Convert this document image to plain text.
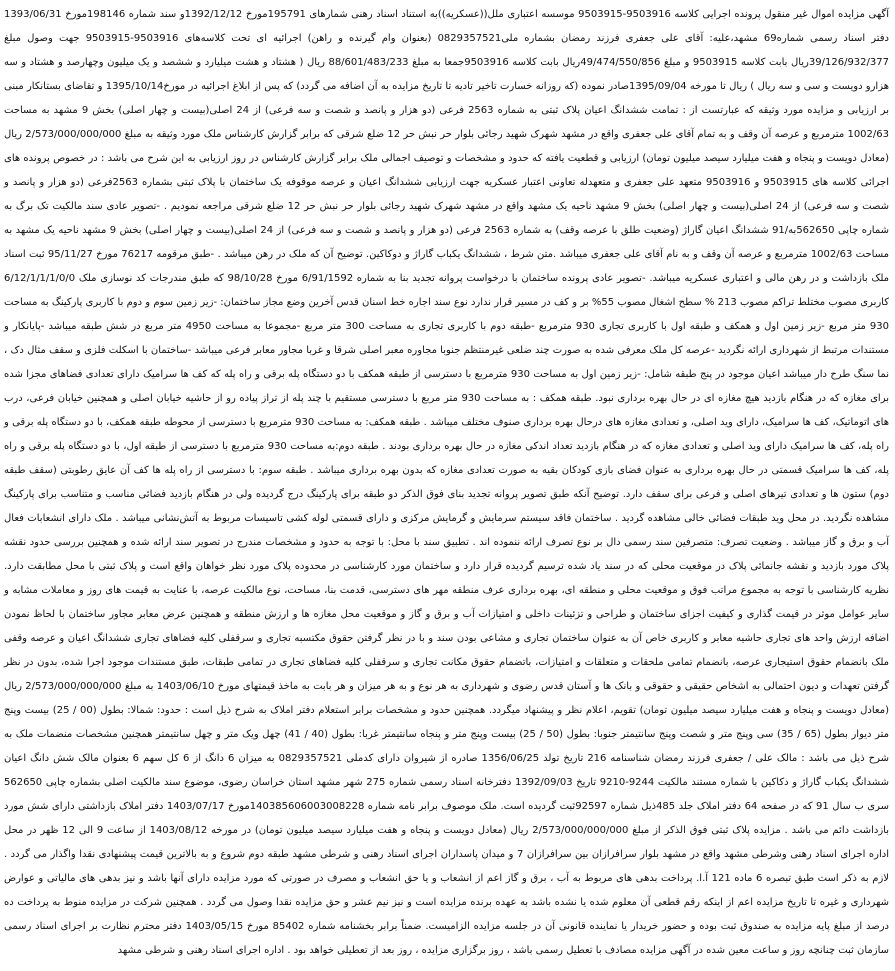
آگهی مزایده اموال غیر منقول پرونده اجرایی کلاسه 9503916-9503915 موسسه اعتباری ملل((عسکریه))به استناد اسناد رهنی شمارهای 195791مورخ 1392/12/12و سند شماره 198146مورخ 1393/06/31 دفتر اسناد رسمی شماره69 مشهد،علیه: آقای علی جعفری فرزند رمضان بشماره ملی0829357521 (بعنوان وام گیرنده و راهن) اجرائیه ای تحت کلاسه‌های 9503916-9503915 جهت وصول مبلغ 39/126/932/377ریال بابت کلاسه 9503915 و مبلغ 49/474/550/856ریال بابت کلاسه 9503916جمعا به مبلغ 88/601/483/233 ریال ( هشتاد و هشت میلیارد و ششصد و یک میلیون وچهارصد و هشتاد و سه هزارو دویست و سی و سه ریال ) ریال تا مورخه 1395/09/04صادر نموده (که روزانه خسارت تاخیر تادیه تا تاریخ مزایده به آن اضافه می گردد) که پس از ابلاغ اجرائیه در مورخ1395/10/14 و تقاضای بستانکار مبنی بر ارزیابی و مزایده مورد وثیقه که عبارتست از : تمامت ششدانگ اعیان پلاک ثبتی به شماره 2563 فرعی (دو هزار و پانصد و شصت و سه فرعی) از 24 اصلی(بیست و چهار اصلی) بخش 9 مشهد به مساحت 1002/63 مترمربع و عرصه آن وقف و به تمام آقای علی جعفری واقع در مشهد شهرک شهید رجائی بلوار حر نبش حر 12 ضلع شرقی که برابر گزارش کارشناس ملک مورد وثیقه به مبلغ 2/573/000/000/000 ریال (معادل دویست و پنجاه و هفت میلیارد سیصد میلیون تومان) ارزیابی و قطعیت یافته که حدود و مشخصات و توصیف اجمالی ملک برابر گزارش کارشناس در روز ارزیابی به این شرح می باشد : در خصوص پرونده های اجرائی کلاسه های 9503915 و 9503916 متعهد علی جعفری و متعهدله تعاونی اعتبار عسکریه جهت ارزیابی ششدانگ اعیان و عرصه موقوفه یک ساختمان با پلاک ثبتی بشماره 2563فرعی (دو هزار و پانصد و شصت و سه فرعی) از 24 اصلی(بیست و چهار اصلی) بخش 9 مشهد ناحیه یک مشهد واقع در مشهد شهرک شهید رجائی بلوار حر نبش حر 12 ضلع شرقی مراجعه نمودیم . -تصویر عادی سند مالکیت تک برگ به شماره چاپی 562650به/91 ششدانگ اعیان گاراژ (وضعیت طلق با عرصه وقف) به شماره 2563 فرعی (دو هزار و پانصد و شصت و سه فرعی) از 24 اصلی(بیست و چهار اصلی) بخش 9 مشهد ناحیه یک مشهد به مساحت 1002/63 مترمربع و عرصه آن وقف و به نام آقای علی جعفری میباشد .متن شرط ، ششدانگ یکباب گاراژ و دوکاکین. توضیح آن که ملک در رهن میباشد . -طبق مرقومه 76217 مورخ 95/11/27 ثبت اسناد ملک بازداشت و در رهن مالی و اعتباری عسکریه میباشد. -تصویر عادی پرونده ساختمان با درخواست پروانه تجدید بنا به شماره 6/91/1592 مورخ 98/10/28 که طبق مندرجات کد نوسازی ملک 6/12/1/1/1/0/0 کاربری مصوب مختلط تراکم مصوب 213 % سطح اشغال مصوب 55% بر و کف در مسیر قرار ندارد نوع سند اجاره خط اسنان قدس آخرین وضع مجاز ساختمان: -زیر زمین سوم و دوم با کاربری پارکینگ به مساحت 930 متر مربع -زیر زمین اول و همکف و طبقه اول با کاربری تجاری 930 مترمربع -طبقه دوم با کاربری تجاری به مساحت 300 متر مربع -مجموعا به مساحت 4950 متر مربع در شش طبقه میباشد -پایانکار و مستندات مرتبط از شهرداری ارائه نگردید -عرصه کل ملک معرفی شده به صورت چند ضلعی غیرمنتظم جنوبا مجاوره معبر اصلی شرقا و غربا مجاور معابر فرعی میباشد -ساختمان با اسکلت فلزی و سقف مثال دک ، نما سنگ طرح دار میباشد اعیان موجود در پنج طبقه شامل: -زیر زمین اول به مساحت 930 مترمربع با دسترسی از طبقه همکف با دو دستگاه پله برقی و راه پله که کف ها سرامیک دارای تعدادی فضاهای مجزا شده برای مغازه که در هنگام بازدید هیچ مغازه ای در حال بهره برداری نبود. طبقه همکف : به مساحت 930 متر مربع با دسترسی مستقیم با چند پله از تراز پیاده رو از حاشیه خیابان اصلی و همچنین خیابان فرعی، درب های اتوماتیک، کف ها سرامیک، دارای وید اصلی، و تعدادی مغازه های درحال بهره برداری صنوف مختلف میباشد . طبقه همکف: به مساحت 930 مترمربع با دسترسی از محوطه طبقه همکف، با دو دستگاه پله برقی و راه پله، کف ها سرامیک دارای وید اصلی و تعدادی مغازه که در هنگام بازدید تعداد اندکی مغازه در حال بهره برداری بودند . طبقه دوم:به مساحت 930 مترمربع با دسترسی از طبقه اول، با دو دستگاه پله برقی و راه پله، کف ها سرامیک قسمتی در حال بهره برداری به عنوان فضای بازی کودکان بقیه به صورت تعدادی مغازه که بدون بهره برداری میباشد . طبقه سوم: با دسترسی از راه پله ها کف آن عایق رطوبتی (سقف طبقه دوم) ستون ها و تعدادی تیرهای اصلی و فرعی برای سقف دارد. توضیح آنکه طبق تصویر پروانه تجدید بنای فوق الذکر دو طبقه برای پارکینگ درج گردیده ولی در هنگام بازدید فضائی مناسب و متناسب برای پارکینگ مشاهده نگردید. در محل وید طبقات فضائی خالی مشاهده گردید . ساختمان فاقد سیستم سرمایش و گرمایش مرکزی و دارای قسمتی لوله کشی تاسیسات مربوط به آتش‌نشانی میباشد . ملک دارای انشعابات فعال آب و برق و گاز میباشد . وضعیت تصرف: متصرفین سند رسمی دال بر نوع تصرف ارائه ننموده اند . تطبیق سند با محل: با توجه به حدود و مشخصات مندرج در تصویر سند ارائه شده و همچنین بررسی حدود نقشه پلاک مورد بازدید و نقشه جانمائی پلاک در موقعیت محلی که در سند یاد شده ترسیم گردیده قرار دارد و ساختمان مورد کارشناسی در محدوده پلاک مورد نظر خواهان واقع است و پلاک ثبتی با محل مطابقت دارد. نظریه کارشناسی با توجه به مجموع مراتب فوق و موقعیت محلی و منطقه ای، بهره برداری عرف منطقه مهر های دسترسی، قدمت بنا، مساحت، نوع مالکیت عرصه، با عنایت به قیمت های روز و معاملات مشابه و سایر عوامل موثر در قیمت گذاری و کیفیت اجزای ساختمان و طراحی و تزئینات داخلی و امتیازات آب و برق و گاز و موقعیت محل مغازه ها و ارزش منطقه و همچنین عرض معابر مجاور ساختمان با لحاظ نمودن اضافه ارزش واحد های تجاری حاشیه معابر و کاربری خاص آن به عنوان ساختمان تجاری و مشاعی بودن سند و با در نظر گرفتن حقوق مکتسبه تجاری و سرقفلی کلیه فضاهای تجاری ششدانگ اعیان و عرصه وقفی ملک بانضمام حقوق استیجاری عرصه، بانضمام تمامی ملحقات و متعلقات و امتیازات، باتضمام حقوق مکانت تجاری و سرقفلی کلیه فضاهای تجاری در تمامی طبقات، طبق مستندات موجود اجرا شده، بدون در نظر گرفتن تعهدات و دیون احتمالی به اشخاص حقیقی و حقوقی و بانک ها و آستان قدس رضوی و شهرداری به هر نوع و به هر میزان و هر بابت به ماخذ قیمتهای مورخ 1403/06/10 به مبلغ 2/573/000/000/000 ریال (معادل دویست و پنجاه و هفت میلیارد سیصد میلیون تومان) تقویم، اعلام نظر و پیشنهاد میگردد. همچنین حدود و مشخصات برابر استعلام دفتر املاک به شرح ذیل است : حدود: شمالا: بطول (00 / 25) بیست وپنج متر دیوار بطول (65 / 35) سی وپنج متر و شصت وپنج سانتیمتر جنوبا: بطول (50 / 25) بیست وپنج متر و پنجاه سانتیمتر غربا: بطول (40 / 41) چهل ویک متر و چهل سانتیمتر همچنین مشخصات منضمات ملک به شرح ذیل می باشد : مالک علی / جعفری فرزند رمضان شناسنامه 216 تاریخ تولد 1356/06/25 صادره از شیروان دارای کدملی 0829357521 به میزان 6 دانگ از 6 کل سهم 6 بعنوان مالک شش دانگ اعیان ششدانگ یکباب گاراژ و دکاکین با شماره مستند مالکیت 9244-9210 تاریخ 1392/09/03 دفترخانه اسناد رسمی شماره 275 شهر مشهد استان خراسان رضوی، موضوع سند مالکیت اصلی بشماره چاپی 562650 سری ب سال 91 که در صفحه 64 دفتر املاک جلد 485ذیل شماره 92597ثبت گردیده است. ملک موصوف برابر نامه شماره 140385606003008228مورخ 1403/07/17 دفتر املاک بازداشتی دارای شش مورد بازداشت دائم می باشد . مزایده پلاک ثبتی فوق الذکر از مبلغ 2/573/000/000/000 ریال (معادل دویست و پنجاه و هفت میلیارد سیصد میلیون تومان) در مورخه 1403/08/12 از ساعت 9 الی 12 ظهر در محل اداره اجرای اسناد رهنی وشرطی مشهد واقع در مشهد بلوار سرافرازان بین سرافرازان 7 و میدان پاسداران اجرای اسناد رهنی و شرطی مشهد طبقه دوم شروع و به بالاترین قیمت پیشنهادی نقدا واگذار می گردد . لازم به ذکر است طبق تبصره 6 ماده 121 آ.ا. پرداخت بدهی های مربوط به آب ، برق و گاز اعم از انشعاب و یا حق انشعاب و مصرف در صورتی که مورد مزایده دارای آنها باشد و نیز بدهی های مالیاتی و عوارض شهرداری و غیره تا تاریخ مزایده اعم از اینکه رقم قطعی آن معلوم شده یا نشده باشد به عهده برنده مزایده است و نیز نیم عشر و حق مزایده نقدا وصول می گردد . همچنین شرکت در مزایده منوط به پرداخت ده درصد از مبلغ پایه مزایده به صندوق ثبت بوده و حضور خریدار یا نماینده قانونی آن در جلسه مزایده الزامیست. ضمناً برابر بخشنامه شماره 85402 مورخ 1403/05/15 دفتر محترم نظارت بر اجرای اسناد رسمی سازمان ثبت چنانچه روز و ساعت معین شده در آگهی مزایده مصادف با تعطیل رسمی باشد ، روز برگزاری مزایده ، روز بعد از تعطیلی خواهد بود . اداره اجرای اسناد رهنی و شرطی مشهد
